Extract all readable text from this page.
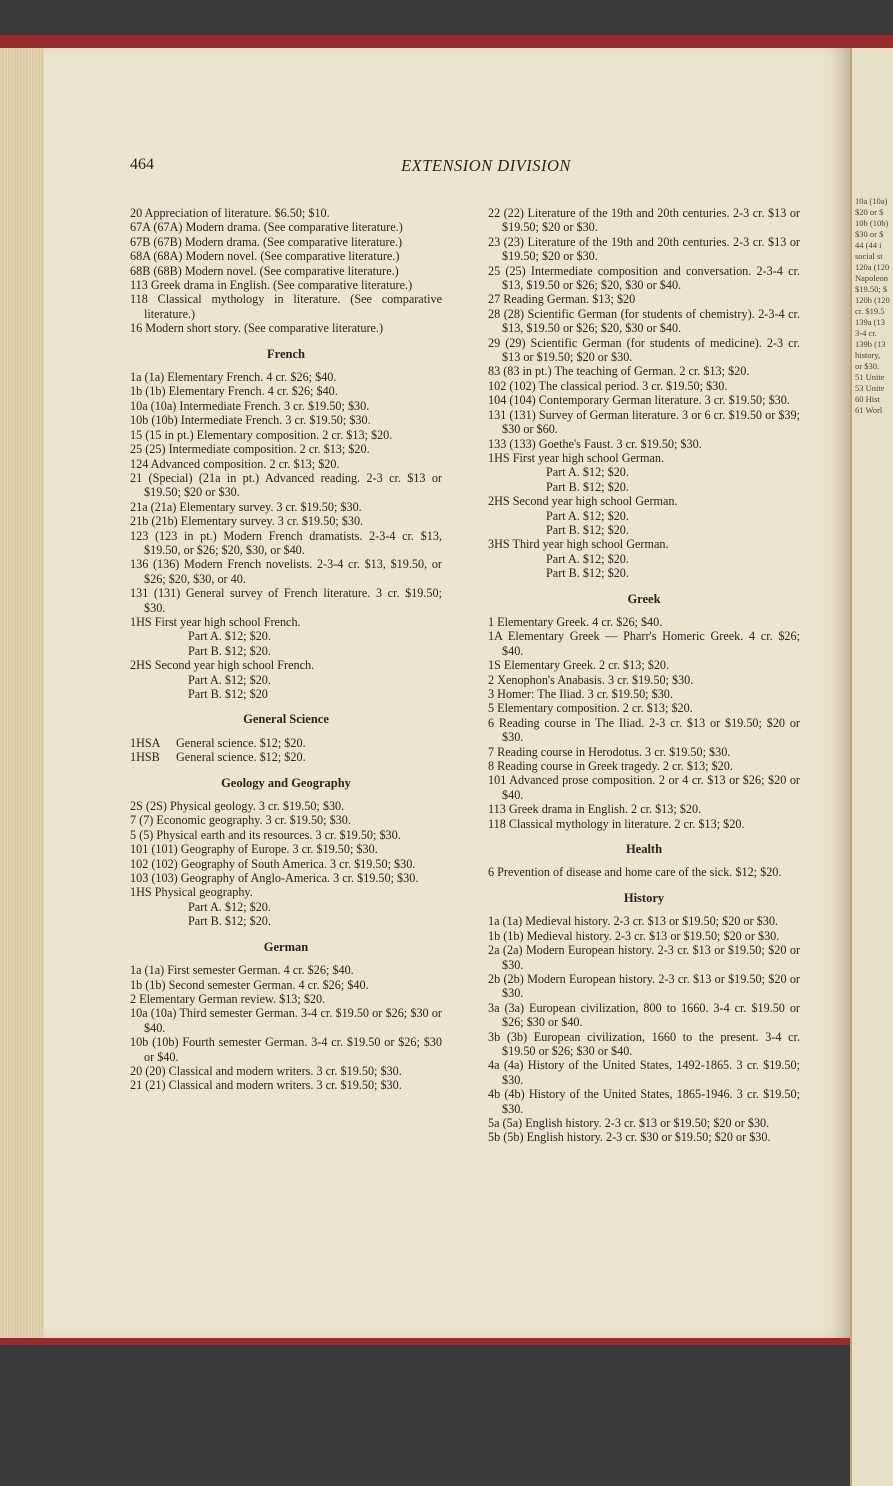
10a (10a)
$20 or $
10b (10b)
$30 or $
44 (44 i
social st
120a (120
Napoleon
$19.50; $
120b (120
cr. $19.5
139a (13
3-4 cr.
139b (13
history,
or $30.
51 Unite
53 Unite
60 Hist
61 Worl
464	EXTENSION DIVISION

20 Appreciation of literature. $6.50; $10.

67A (67A) Modern drama. (See comparative literature.)

67B (67B) Modern drama. (See comparative literature.)

68A (68A) Modern novel. (See comparative literature.)

68B (68B) Modern novel. (See comparative literature.)

113 Greek drama in English. (See comparative literature.)

118 Classical mythology in literature. (See comparative literature.)

16 Modern short story. (See comparative literature.)

French

1a (1a) Elementary French. 4 cr. $26; $40.

1b (1b) Elementary French. 4 cr. $26; $40.

10a (10a) Intermediate French. 3 cr. $19.50; $30.

10b (10b) Intermediate French. 3 cr. $19.50; $30.

15 (15 in pt.) Elementary composition. 2 cr. $13; $20.

25 (25) Intermediate composition. 2 cr. $13; $20.

124 Advanced composition. 2 cr. $13; $20.

21 (Special) (21a in pt.) Advanced reading. 2-3 cr. $13 or $19.50; $20 or $30.

21a (21a) Elementary survey. 3 cr. $19.50; $30.

21b (21b) Elementary survey. 3 cr. $19.50; $30.

123 (123 in pt.) Modern French dramatists. 2-3-4 cr. $13, $19.50, or $26; $20, $30, or $40.

136 (136) Modern French novelists. 2-3-4 cr. $13, $19.50, or $26; $20, $30, or 40.

131 (131) General survey of French literature. 3 cr. $19.50; $30.

1HS First year high school French.

Part A. $12; $20.

Part B. $12; $20.

2HS Second year high school French.

Part A. $12; $20.

Part B. $12; $20

General Science

1HSA	General science. $12; $20.
1HSB	General science. $12; $20.

Geology and Geography

2S (2S) Physical geology. 3 cr. $19.50; $30.

7 (7) Economic geography. 3 cr. $19.50; $30.

5 (5) Physical earth and its resources. 3 cr. $19.50; $30.

101 (101) Geography of Europe. 3 cr. $19.50; $30.

102 (102) Geography of South America. 3 cr. $19.50; $30.

103 (103) Geography of Anglo-America. 3 cr. $19.50; $30.

1HS Physical geography.

Part A. $12; $20.

Part B. $12; $20.

German

1a (1a) First semester German. 4 cr. $26; $40.

1b (1b) Second semester German. 4 cr. $26; $40.

2 Elementary German review. $13; $20.

10a (10a) Third semester German. 3-4 cr. $19.50 or $26; $30 or $40.

10b (10b) Fourth semester German. 3-4 cr. $19.50 or $26; $30 or $40.

20 (20) Classical and modern writers. 3 cr. $19.50; $30.

21 (21) Classical and modern writers. 3 cr. $19.50; $30.

22 (22) Literature of the 19th and 20th centuries. 2-3 cr. $13 or $19.50; $20 or $30.

23 (23) Literature of the 19th and 20th centuries. 2-3 cr. $13 or $19.50; $20 or $30.

25 (25) Intermediate composition and conversation. 2-3-4 cr. $13, $19.50 or $26; $20, $30 or $40.

27 Reading German. $13; $20

28 (28) Scientific German (for students of chemistry). 2-3-4 cr. $13, $19.50 or $26; $20, $30 or $40.

29 (29) Scientific German (for students of medicine). 2-3 cr. $13 or $19.50; $20 or $30.

83 (83 in pt.) The teaching of German. 2 cr. $13; $20.

102 (102) The classical period. 3 cr. $19.50; $30.

104 (104) Contemporary German literature. 3 cr. $19.50; $30.

131 (131) Survey of German literature. 3 or 6 cr. $19.50 or $39; $30 or $60.

133 (133) Goethe's Faust. 3 cr. $19.50; $30.

1HS First year high school German.

Part A. $12; $20.

Part B. $12; $20.

2HS Second year high school German.

Part A. $12; $20.

Part B. $12; $20.

3HS Third year high school German.

Part A. $12; $20.

Part B. $12; $20.

Greek

1 Elementary Greek. 4 cr. $26; $40.

1A Elementary Greek — Pharr's Homeric Greek. 4 cr. $26; $40.

1S Elementary Greek. 2 cr. $13; $20.

2 Xenophon's Anabasis. 3 cr. $19.50; $30.

3 Homer: The Iliad. 3 cr. $19.50; $30.

5 Elementary composition. 2 cr. $13; $20.

6 Reading course in The Iliad. 2-3 cr. $13 or $19.50; $20 or $30.

7 Reading course in Herodotus. 3 cr. $19.50; $30.

8 Reading course in Greek tragedy. 2 cr. $13; $20.

101 Advanced prose composition. 2 or 4 cr. $13 or $26; $20 or $40.

113 Greek drama in English. 2 cr. $13; $20.

118 Classical mythology in literature. 2 cr. $13; $20.

Health

6 Prevention of disease and home care of the sick. $12; $20.

History

1a (1a) Medieval history. 2-3 cr. $13 or $19.50; $20 or $30.

1b (1b) Medieval history. 2-3 cr. $13 or $19.50; $20 or $30.

2a (2a) Modern European history. 2-3 cr. $13 or $19.50; $20 or $30.

2b (2b) Modern European history. 2-3 cr. $13 or $19.50; $20 or $30.

3a (3a) European civilization, 800 to 1660. 3-4 cr. $19.50 or $26; $30 or $40.

3b (3b) European civilization, 1660 to the present. 3-4 cr. $19.50 or $26; $30 or $40.

4a (4a) History of the United States, 1492-1865. 3 cr. $19.50; $30.

4b (4b) History of the United States, 1865-1946. 3 cr. $19.50; $30.

5a (5a) English history. 2-3 cr. $13 or $19.50; $20 or $30.

5b (5b) English history. 2-3 cr. $30 or $19.50; $20 or $30.
